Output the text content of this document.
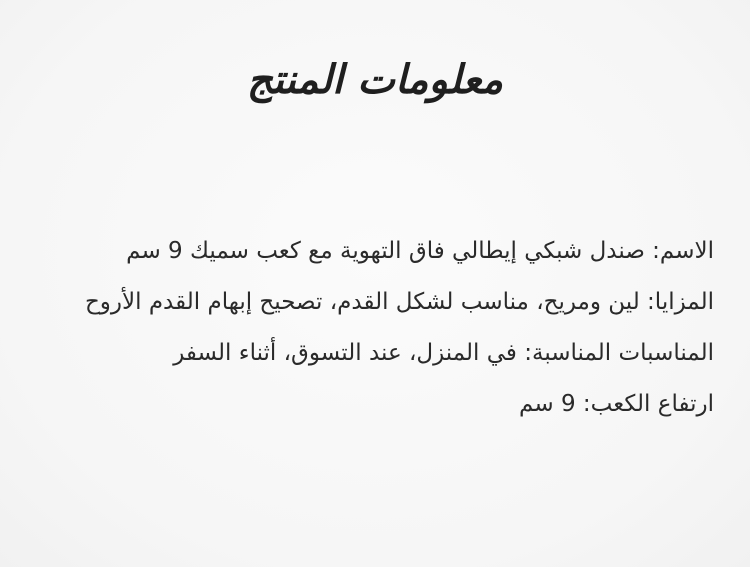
معلومات المنتج

الاسم: صندل شبكي إيطالي فاق التهوية مع كعب سميك 9 سم

المزايا: لين ومريح، مناسب لشكل القدم، تصحيح إبهام القدم الأروح

المناسبات المناسبة: في المنزل، عند التسوق، أثناء السفر

ارتفاع الكعب: 9 سم
